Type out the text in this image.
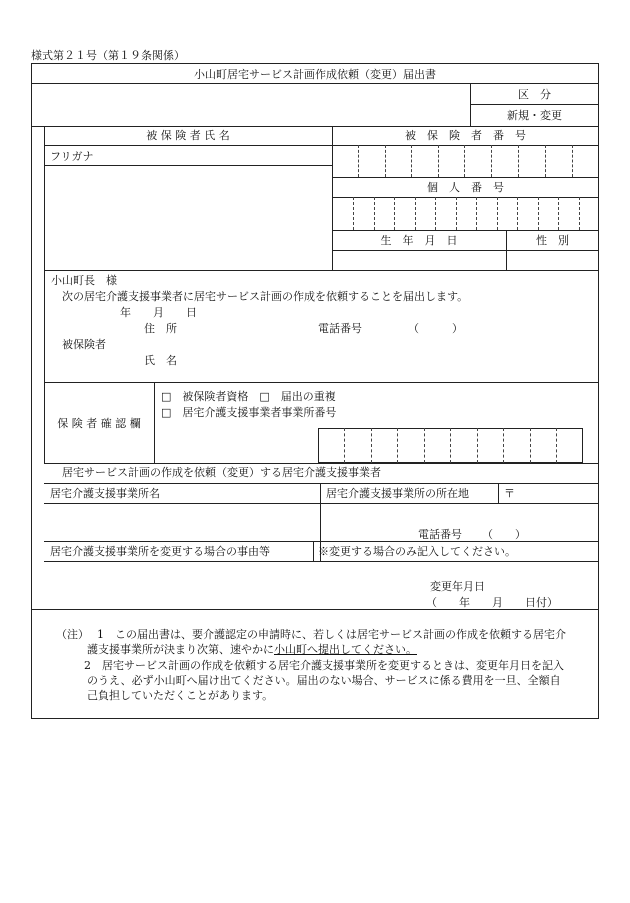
様式第２１号（第１９条関係）
小山町居宅サービス計画作成依頼（変更）届出書
区　分
新規・変更
被 保 険 者 氏 名	被　保　険　者　番　号
フリガナ
個　人　番　号
生　年　月　日	性　別
小山町長　様
次の居宅介護支援事業者に居宅サービス計画の作成を依頼することを届出します。
年　　月　　日
住　所	電話番号	（　　　）
被保険者
氏　名
保 険 者 確 認 欄
□　被保険者資格　□　届出の重複
□　居宅介護支援事業者事業所番号
居宅サービス計画の作成を依頼（変更）する居宅介護支援事業者
居宅介護支援事業所名	居宅介護支援事業所の所在地	〒
電話番号 （　　）
居宅介護支援事業所を変更する場合の事由等	※変更する場合のみ記入してください。
変更年月日
（　　年　　月　　日付）
（注） 1 この届出書は、要介護認定の申請時に、若しくは居宅サービス計画の作成を依頼する居宅介
護支援事業所が決まり次第、速やかに小山町へ提出してください。
2 居宅サービス計画の作成を依頼する居宅介護支援事業所を変更するときは、変更年月日を記入
のうえ、必ず小山町へ届け出てください。届出のない場合、サービスに係る費用を一旦、全額自
己負担していただくことがあります。
